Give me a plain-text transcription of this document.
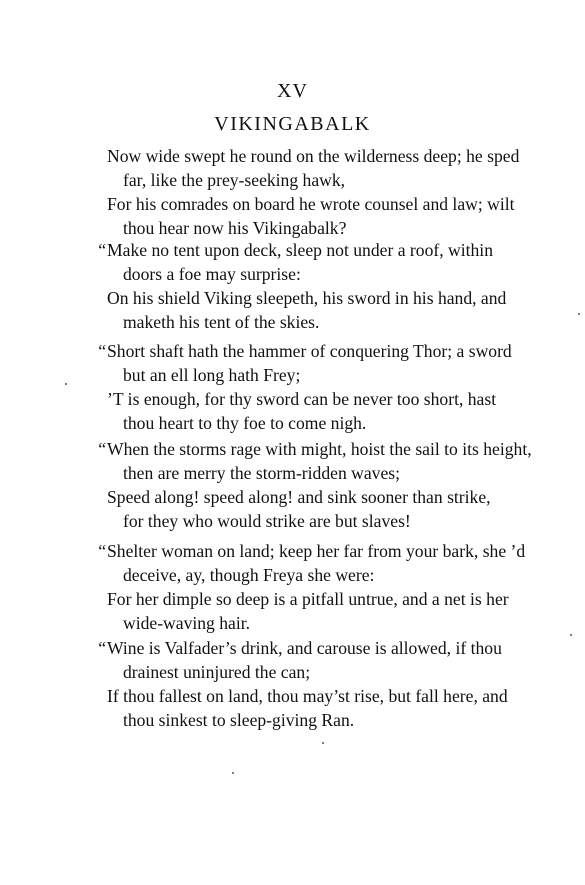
XV
VIKINGABALK
Now wide swept he round on the wilderness deep; he sped
far, like the prey-seeking hawk,
For his comrades on board he wrote counsel and law; wilt
thou hear now his Vikingabalk?
“Make no tent upon deck, sleep not under a roof, within
doors a foe may surprise:
On his shield Viking sleepeth, his sword in his hand, and
maketh his tent of the skies.
“Short shaft hath the hammer of conquering Thor; a sword
but an ell long hath Frey;
’T is enough, for thy sword can be never too short, hast
thou heart to thy foe to come nigh.
“When the storms rage with might, hoist the sail to its height,
then are merry the storm-ridden waves;
Speed along! speed along! and sink sooner than strike,
for they who would strike are but slaves!
“Shelter woman on land; keep her far from your bark, she ’d
deceive, ay, though Freya she were:
For her dimple so deep is a pitfall untrue, and a net is her
wide-waving hair.
“Wine is Valfader’s drink, and carouse is allowed, if thou
drainest uninjured the can;
If thou fallest on land, thou may’st rise, but fall here, and
thou sinkest to sleep-giving Ran.
